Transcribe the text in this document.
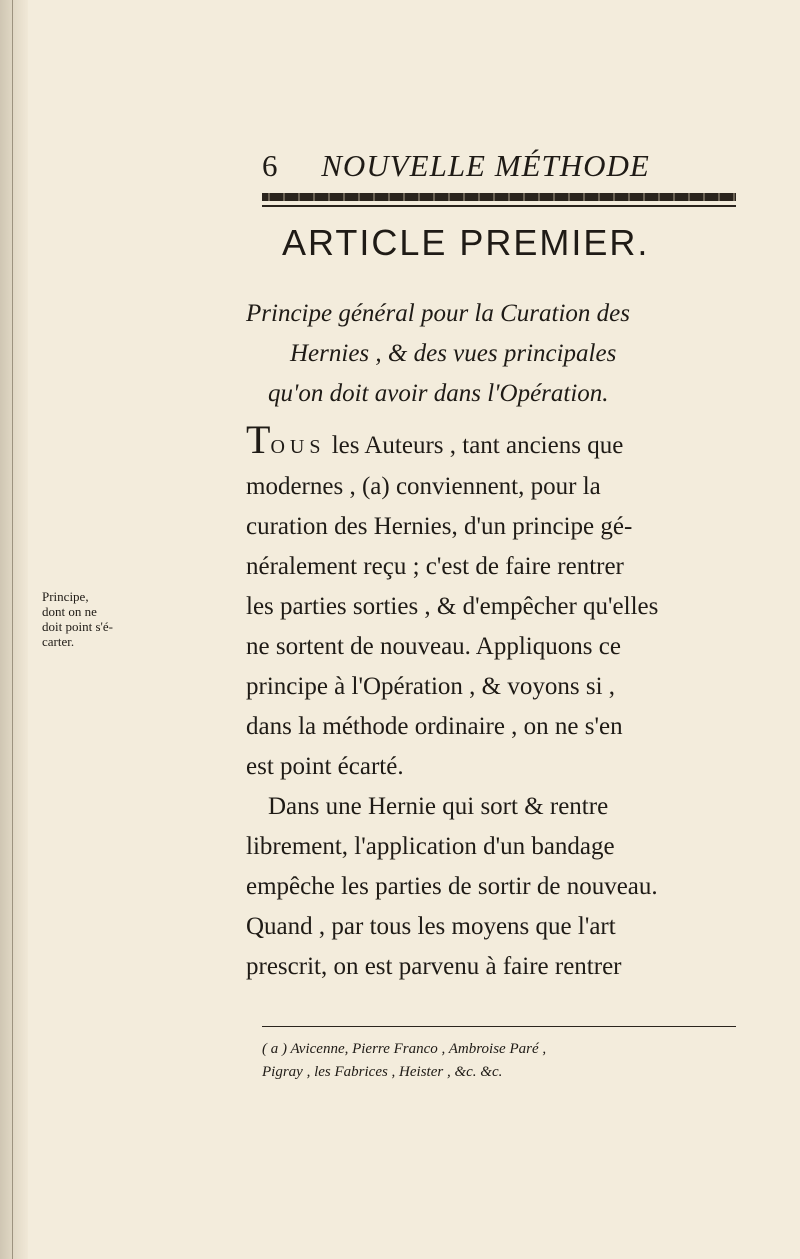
6 NOUVELLE MÉTHODE
ARTICLE PREMIER.
Principe général pour la Curation des
Hernies , & des vues principales
qu'on doit avoir dans l'Opération.
Principe,
dont on ne
doit point s'é-
carter.
TOUS les Auteurs , tant anciens que
modernes , (a) conviennent, pour la
curation des Hernies, d'un principe gé-
néralement reçu ; c'est de faire rentrer
les parties sorties , & d'empêcher qu'elles
ne sortent de nouveau. Appliquons ce
principe à l'Opération , & voyons si ,
dans la méthode ordinaire , on ne s'en
est point écarté.
Dans une Hernie qui sort & rentre
librement, l'application d'un bandage
empêche les parties de sortir de nouveau.
Quand , par tous les moyens que l'art
prescrit, on est parvenu à faire rentrer
( a ) Avicenne, Pierre Franco , Ambroise Paré ,
Pigray , les Fabrices , Heister , &c. &c.
